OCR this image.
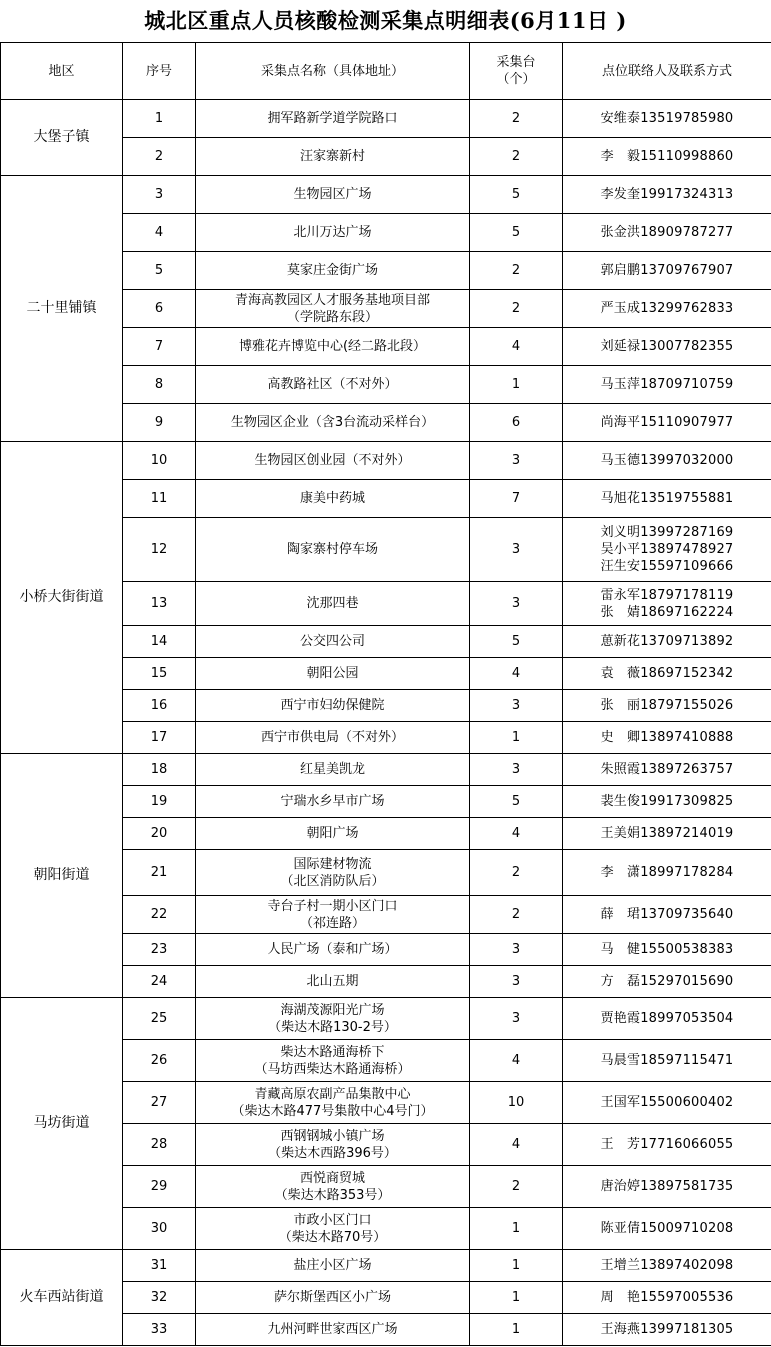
城北区重点人员核酸检测采集点明细表(6月11日 )
地区	序号	采集点名称（具体地址）	采集台
（个）	点位联络人及联系方式
大堡子镇	1	拥军路新学道学院路口	2	安维泰13519785980

	2	汪家寨新村	2	李　毅15110998860

二十里铺镇	3	生物园区广场	5	李发奎19917324313

	4	北川万达广场	5	张金洪18909787277

	5	莫家庄金街广场	2	郭启鹏13709767907

	6	青海高教园区人才服务基地项目部
（学院路东段）	2	严玉成13299762833

	7	博雅花卉博览中心(经二路北段）	4	刘延禄13007782355

	8	高教路社区（不对外）	1	马玉萍18709710759

	9	生物园区企业（含3台流动采样台）	6	尚海平15110907977

小桥大街街道	10	生物园区创业园（不对外）	3	马玉德13997032000

	11	康美中药城	7	马旭花13519755881

	12	陶家寨村停车场	3	刘义明13997287169
吴小平13897478927
汪生安15597109666

	13	沈那四巷	3	雷永军18797178119
张　婧18697162224

	14	公交四公司	5	葸新花13709713892

	15	朝阳公园	4	袁　薇18697152342

	16	西宁市妇幼保健院	3	张　丽18797155026

	17	西宁市供电局（不对外）	1	史　卿13897410888

朝阳街道	18	红星美凯龙	3	朱照霞13897263757

	19	宁瑞水乡早市广场	5	裴生俊19917309825

	20	朝阳广场	4	王美娟13897214019

	21	国际建材物流
（北区消防队后）	2	李　潇18997178284

	22	寺台子村一期小区门口
（祁连路）	2	薛　珺13709735640

	23	人民广场（泰和广场）	3	马　健15500538383

	24	北山五期	3	方　磊15297015690

马坊街道	25	海湖茂源阳光广场
（柴达木路130-2号）	3	贾艳霞18997053504

	26	柴达木路通海桥下
（马坊西柴达木路通海桥）	4	马晨雪18597115471

	27	青藏高原农副产品集散中心
（柴达木路477号集散中心4号门）	10	王国军15500600402

	28	西钢钢城小镇广场
（柴达木西路396号）	4	王　芳17716066055

	29	西悦商贸城
（柴达木路353号）	2	唐治婷13897581735

	30	市政小区门口
（柴达木路70号）	1	陈亚倩15009710208

火车西站街道	31	盐庄小区广场	1	王增兰13897402098

	32	萨尔斯堡西区小广场	1	周　艳15597005536

	33	九州河畔世家西区广场	1	王海燕13997181305
